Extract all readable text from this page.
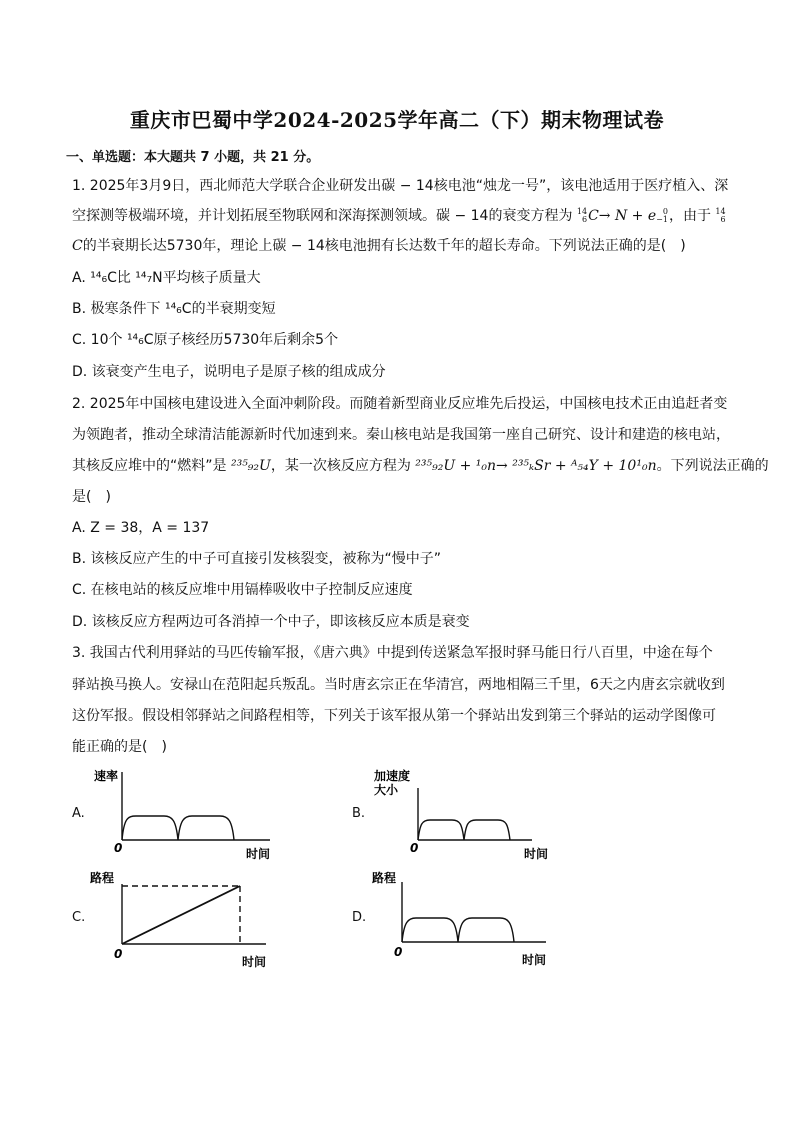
重庆市巴蜀中学2024-2025学年高二（下）期末物理试卷
一、单选题：本大题共 7 小题，共 21 分。
1. 2025年3月9日，西北师范大学联合企业研发出碳 − 14核电池“烛龙一号”，该电池适用于医疗植入、深
空探测等极端环境，并计划拓展至物联网和深海探测领域。碳 − 14的衰变方程为 14
6 C→ N + e 0
−1 ，由于 14
6
C的半衰期长达5730年，理论上碳 − 14核电池拥有长达数千年的超长寿命。下列说法正确的是(　)
A. ¹⁴₆C比 ¹⁴₇N平均核子质量大
B. 极寒条件下 ¹⁴₆C的半衰期变短
C. 10个 ¹⁴₆C原子核经历5730年后剩余5个
D. 该衰变产生电子，说明电子是原子核的组成成分
2. 2025年中国核电建设进入全面冲刺阶段。而随着新型商业反应堆先后投运，中国核电技术正由追赶者变
为领跑者，推动全球清洁能源新时代加速到来。秦山核电站是我国第一座自己研究、设计和建造的核电站，
其核反应堆中的“燃料”是 ²³⁵₉₂U，某一次核反应方程为 ²³⁵₉₂U + ¹₀n→ ²³⁵ₖSr + ᴬ₅₄Y + 10¹₀n。下列说法正确的
是(　)
A. Z = 38，A = 137
B. 该核反应产生的中子可直接引发核裂变，被称为“慢中子”
C. 在核电站的核反应堆中用镉棒吸收中子控制反应速度
D. 该核反应方程两边可各消掉一个中子，即该核反应本质是衰变
3. 我国古代利用驿站的马匹传输军报，《唐六典》中提到传送紧急军报时驿马能日行八百里，中途在每个
驿站换马换人。安禄山在范阳起兵叛乱。当时唐玄宗正在华清宫，两地相隔三千里，6天之内唐玄宗就收到
这份军报。假设相邻驿站之间路程相等，下列关于该军报从第一个驿站出发到第三个驿站的运动学图像可
能正确的是(　)
A.
速率
0	时间
B.
加速度
大小
0	时间
C.
路程
0
时间
D.
路程
0
时间
